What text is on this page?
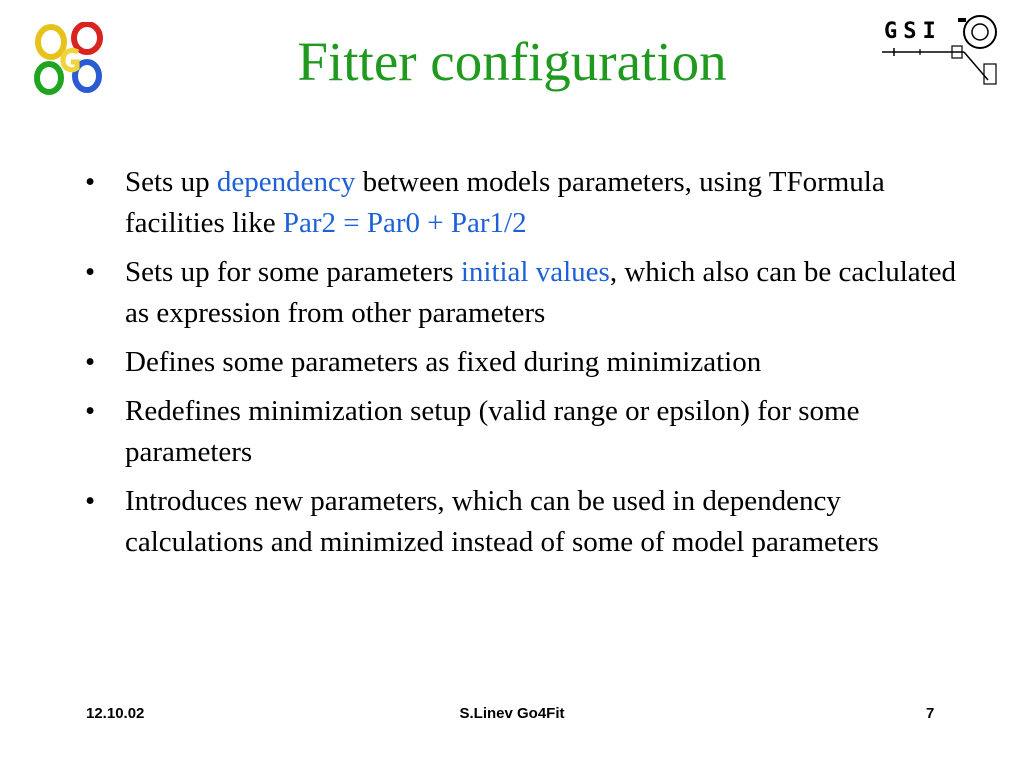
GSI
Fitter configuration
• Sets up dependency between models parameters, using TFormula facilities like Par2 = Par0 + Par1/2
• Sets up for some parameters initial values, which also can be caclulated as expression from other parameters
• Defines some parameters as fixed during minimization
• Redefines minimization setup (valid range or epsilon) for some parameters
• Introduces new parameters, which can be used in dependency calculations and minimized instead of some of model parameters
12.10.02	S.Linev Go4Fit	7
